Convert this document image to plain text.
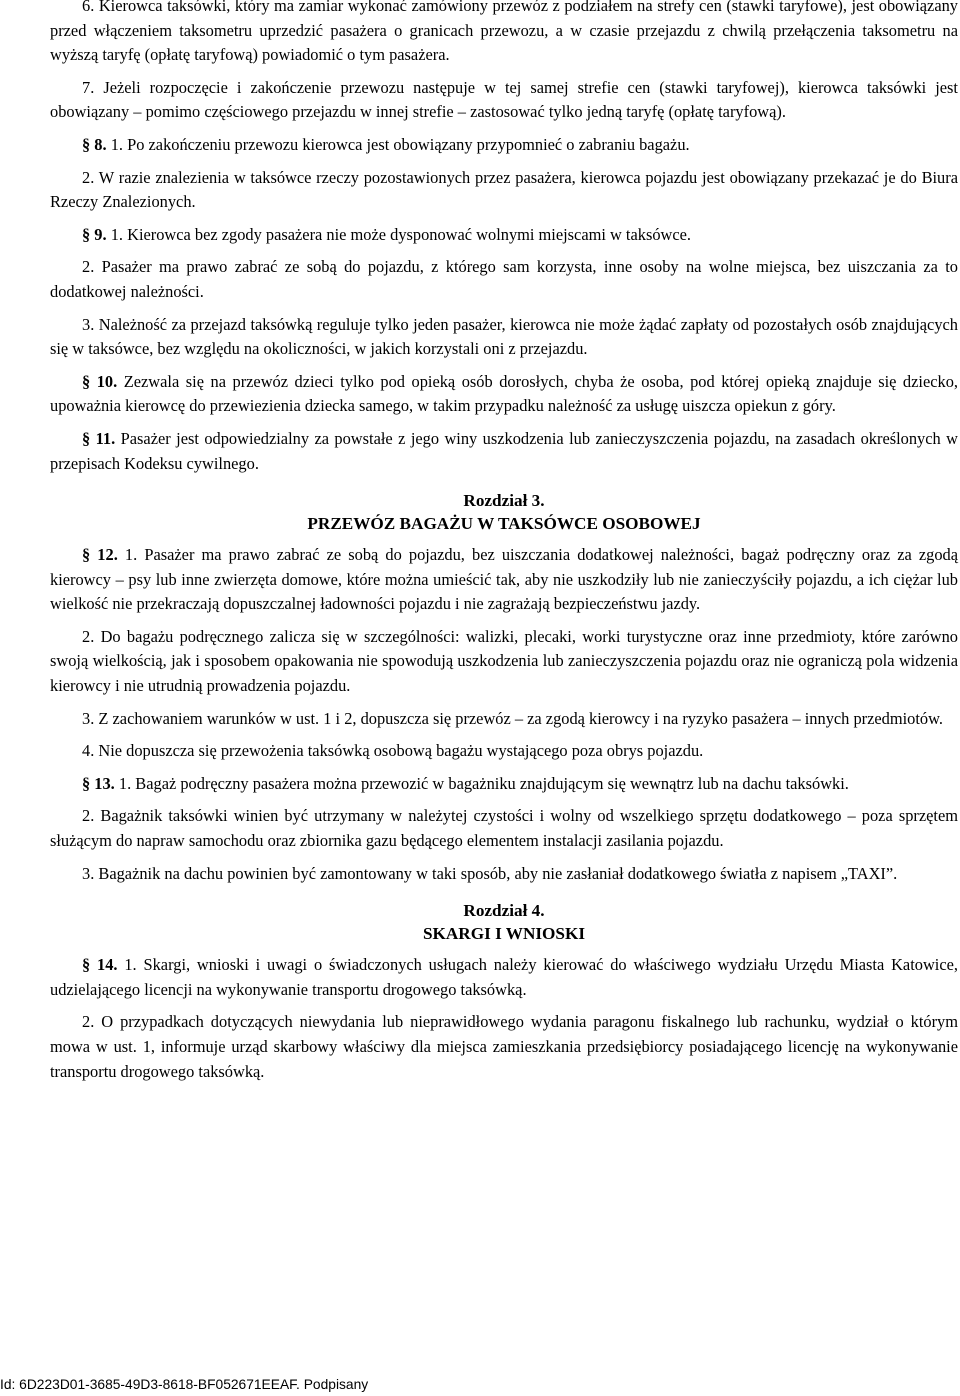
6. Kierowca taksówki, który ma zamiar wykonać zamówiony przewóz z podziałem na strefy cen (stawki taryfowe), jest obowiązany przed włączeniem taksometru uprzedzić pasażera o granicach przewozu, a w czasie przejazdu z chwilą przełączenia taksometru na wyższą taryfę (opłatę taryfową) powiadomić o tym pasażera.

7. Jeżeli rozpoczęcie i zakończenie przewozu następuje w tej samej strefie cen (stawki taryfowej), kierowca taksówki jest obowiązany – pomimo częściowego przejazdu w innej strefie – zastosować tylko jedną taryfę (opłatę taryfową).

§ 8. 1. Po zakończeniu przewozu kierowca jest obowiązany przypomnieć o zabraniu bagażu.

2. W razie znalezienia w taksówce rzeczy pozostawionych przez pasażera, kierowca pojazdu jest obowiązany przekazać je do Biura Rzeczy Znalezionych.

§ 9. 1. Kierowca bez zgody pasażera nie może dysponować wolnymi miejscami w taksówce.

2. Pasażer ma prawo zabrać ze sobą do pojazdu, z którego sam korzysta, inne osoby na wolne miejsca, bez uiszczania za to dodatkowej należności.

3. Należność za przejazd taksówką reguluje tylko jeden pasażer, kierowca nie może żądać zapłaty od pozostałych osób znajdujących się w taksówce, bez względu na okoliczności, w jakich korzystali oni z przejazdu.

§ 10. Zezwala się na przewóz dzieci tylko pod opieką osób dorosłych, chyba że osoba, pod której opieką znajduje się dziecko, upoważnia kierowcę do przewiezienia dziecka samego, w takim przypadku należność za usługę uiszcza opiekun z góry.

§ 11. Pasażer jest odpowiedzialny za powstałe z jego winy uszkodzenia lub zanieczyszczenia pojazdu, na zasadach określonych w przepisach Kodeksu cywilnego.

Rozdział 3.
PRZEWÓZ BAGAŻU W TAKSÓWCE OSOBOWEJ

§ 12. 1. Pasażer ma prawo zabrać ze sobą do pojazdu, bez uiszczania dodatkowej należności, bagaż podręczny oraz za zgodą kierowcy – psy lub inne zwierzęta domowe, które można umieścić tak, aby nie uszkodziły lub nie zanieczyściły pojazdu, a ich ciężar lub wielkość nie przekraczają dopuszczalnej ładowności pojazdu i nie zagrażają bezpieczeństwu jazdy.

2. Do bagażu podręcznego zalicza się w szczególności: walizki, plecaki, worki turystyczne oraz inne przedmioty, które zarówno swoją wielkością, jak i sposobem opakowania nie spowodują uszkodzenia lub zanieczyszczenia pojazdu oraz nie ograniczą pola widzenia kierowcy i nie utrudnią prowadzenia pojazdu.

3. Z zachowaniem warunków w ust. 1 i 2, dopuszcza się przewóz – za zgodą kierowcy i na ryzyko pasażera – innych przedmiotów.

4. Nie dopuszcza się przewożenia taksówką osobową bagażu wystającego poza obrys pojazdu.

§ 13. 1. Bagaż podręczny pasażera można przewozić w bagażniku znajdującym się wewnątrz lub na dachu taksówki.

2. Bagażnik taksówki winien być utrzymany w należytej czystości i wolny od wszelkiego sprzętu dodatkowego – poza sprzętem służącym do napraw samochodu oraz zbiornika gazu będącego elementem instalacji zasilania pojazdu.

3. Bagażnik na dachu powinien być zamontowany w taki sposób, aby nie zasłaniał dodatkowego światła z napisem „TAXI”.

Rozdział 4.
SKARGI I WNIOSKI

§ 14. 1. Skargi, wnioski i uwagi o świadczonych usługach należy kierować do właściwego wydziału Urzędu Miasta Katowice, udzielającego licencji na wykonywanie transportu drogowego taksówką.

2. O przypadkach dotyczących niewydania lub nieprawidłowego wydania paragonu fiskalnego lub rachunku, wydział o którym mowa w ust. 1, informuje urząd skarbowy właściwy dla miejsca zamieszkania przedsiębiorcy posiadającego licencję na wykonywanie transportu drogowego taksówką.

Id: 6D223D01-3685-49D3-8618-BF052671EEAF. Podpisany
